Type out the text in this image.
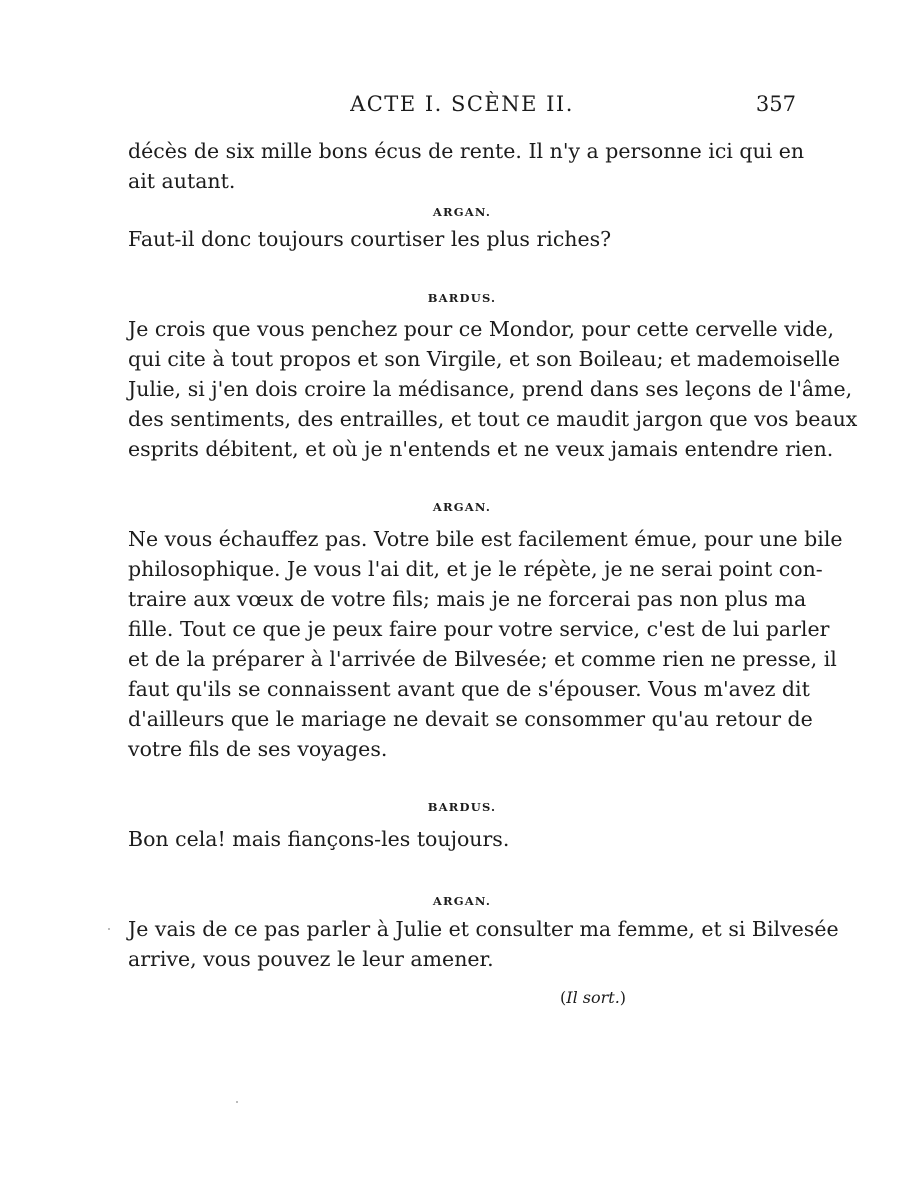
ACTE I. SCÈNE II.	357
décès de six mille bons écus de rente. Il n'y a personne ici qui en
ait autant.
ARGAN.
Faut-il donc toujours courtiser les plus riches?
BARDUS.
Je crois que vous penchez pour ce Mondor, pour cette cervelle vide,
qui cite à tout propos et son Virgile, et son Boileau; et mademoiselle
Julie, si j'en dois croire la médisance, prend dans ses leçons de l'âme,
des sentiments, des entrailles, et tout ce maudit jargon que vos beaux
esprits débitent, et où je n'entends et ne veux jamais entendre rien.
ARGAN.
Ne vous échauffez pas. Votre bile est facilement émue, pour une bile
philosophique. Je vous l'ai dit, et je le répète, je ne serai point con-
traire aux vœux de votre fils; mais je ne forcerai pas non plus ma
fille. Tout ce que je peux faire pour votre service, c'est de lui parler
et de la préparer à l'arrivée de Bilvesée; et comme rien ne presse, il
faut qu'ils se connaissent avant que de s'épouser. Vous m'avez dit
d'ailleurs que le mariage ne devait se consommer qu'au retour de
votre fils de ses voyages.
BARDUS.
Bon cela! mais fiançons-les toujours.
ARGAN.
Je vais de ce pas parler à Julie et consulter ma femme, et si Bilvesée
arrive, vous pouvez le leur amener.
(Il sort.)
